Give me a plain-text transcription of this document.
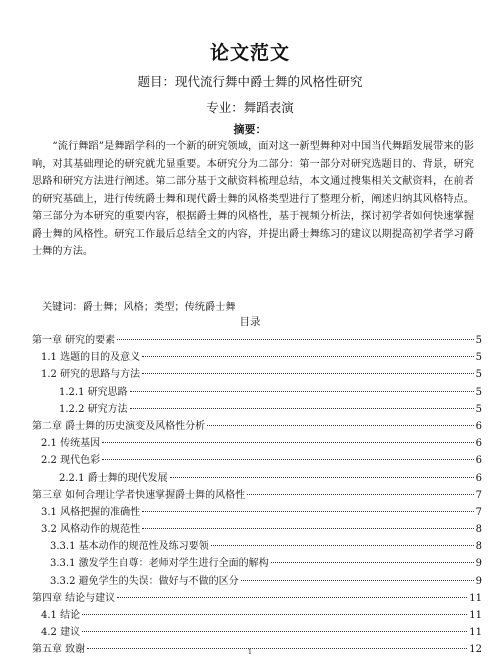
论文范文
题目：现代流行舞中爵士舞的风格性研究
专业：舞蹈表演
摘要：
“流行舞蹈”是舞蹈学科的一个新的研究领域，面对这一新型舞种对中国当代舞蹈发展带来的影响，对其基础理论的研究就尤显重要。本研究分为二部分：第一部分对研究选题目的、背景，研究思路和研究方法进行阐述。第二部分基于文献资料梳理总结，本文通过搜集相关文献资料，在前者的研究基础上，进行传统爵士舞和现代爵士舞的风格类型进行了整理分析，阐述归纳其风格特点。第三部分为本研究的重要内容，根据爵士舞的风格性，基于视频分析法，探讨初学者如何快速掌握爵士舞的风格性。研究工作最后总结全文的内容，并提出爵士舞练习的建议以期提高初学者学习爵士舞的方法。
关键词：爵士舞；风格；类型；传统爵士舞
目录
第一章 研究的要素	5
1.1 选题的目的及意义	5
1.2 研究的思路与方法	5
1.2.1 研究思路	5
1.2.2 研究方法	5
第二章 爵士舞的历史演变及风格性分析	6
2.1 传统基因	6
2.2 现代色彩	6
2.2.1 爵士舞的现代发展	6
第三章 如何合理让学者快速掌握爵士舞的风格性	7
3.1 风格把握的准确性	7
3.2 风格动作的规范性	8
3.3.1 基本动作的规范性及练习要领	8
3.3.1 激发学生自尊：老师对学生进行全面的解构	9
3.3.2 避免学生的失误：做好与不做的区分	9
第四章 结论与建议	11
4.1 结论	11
4.2 建议	11
第五章 致谢	12
1
